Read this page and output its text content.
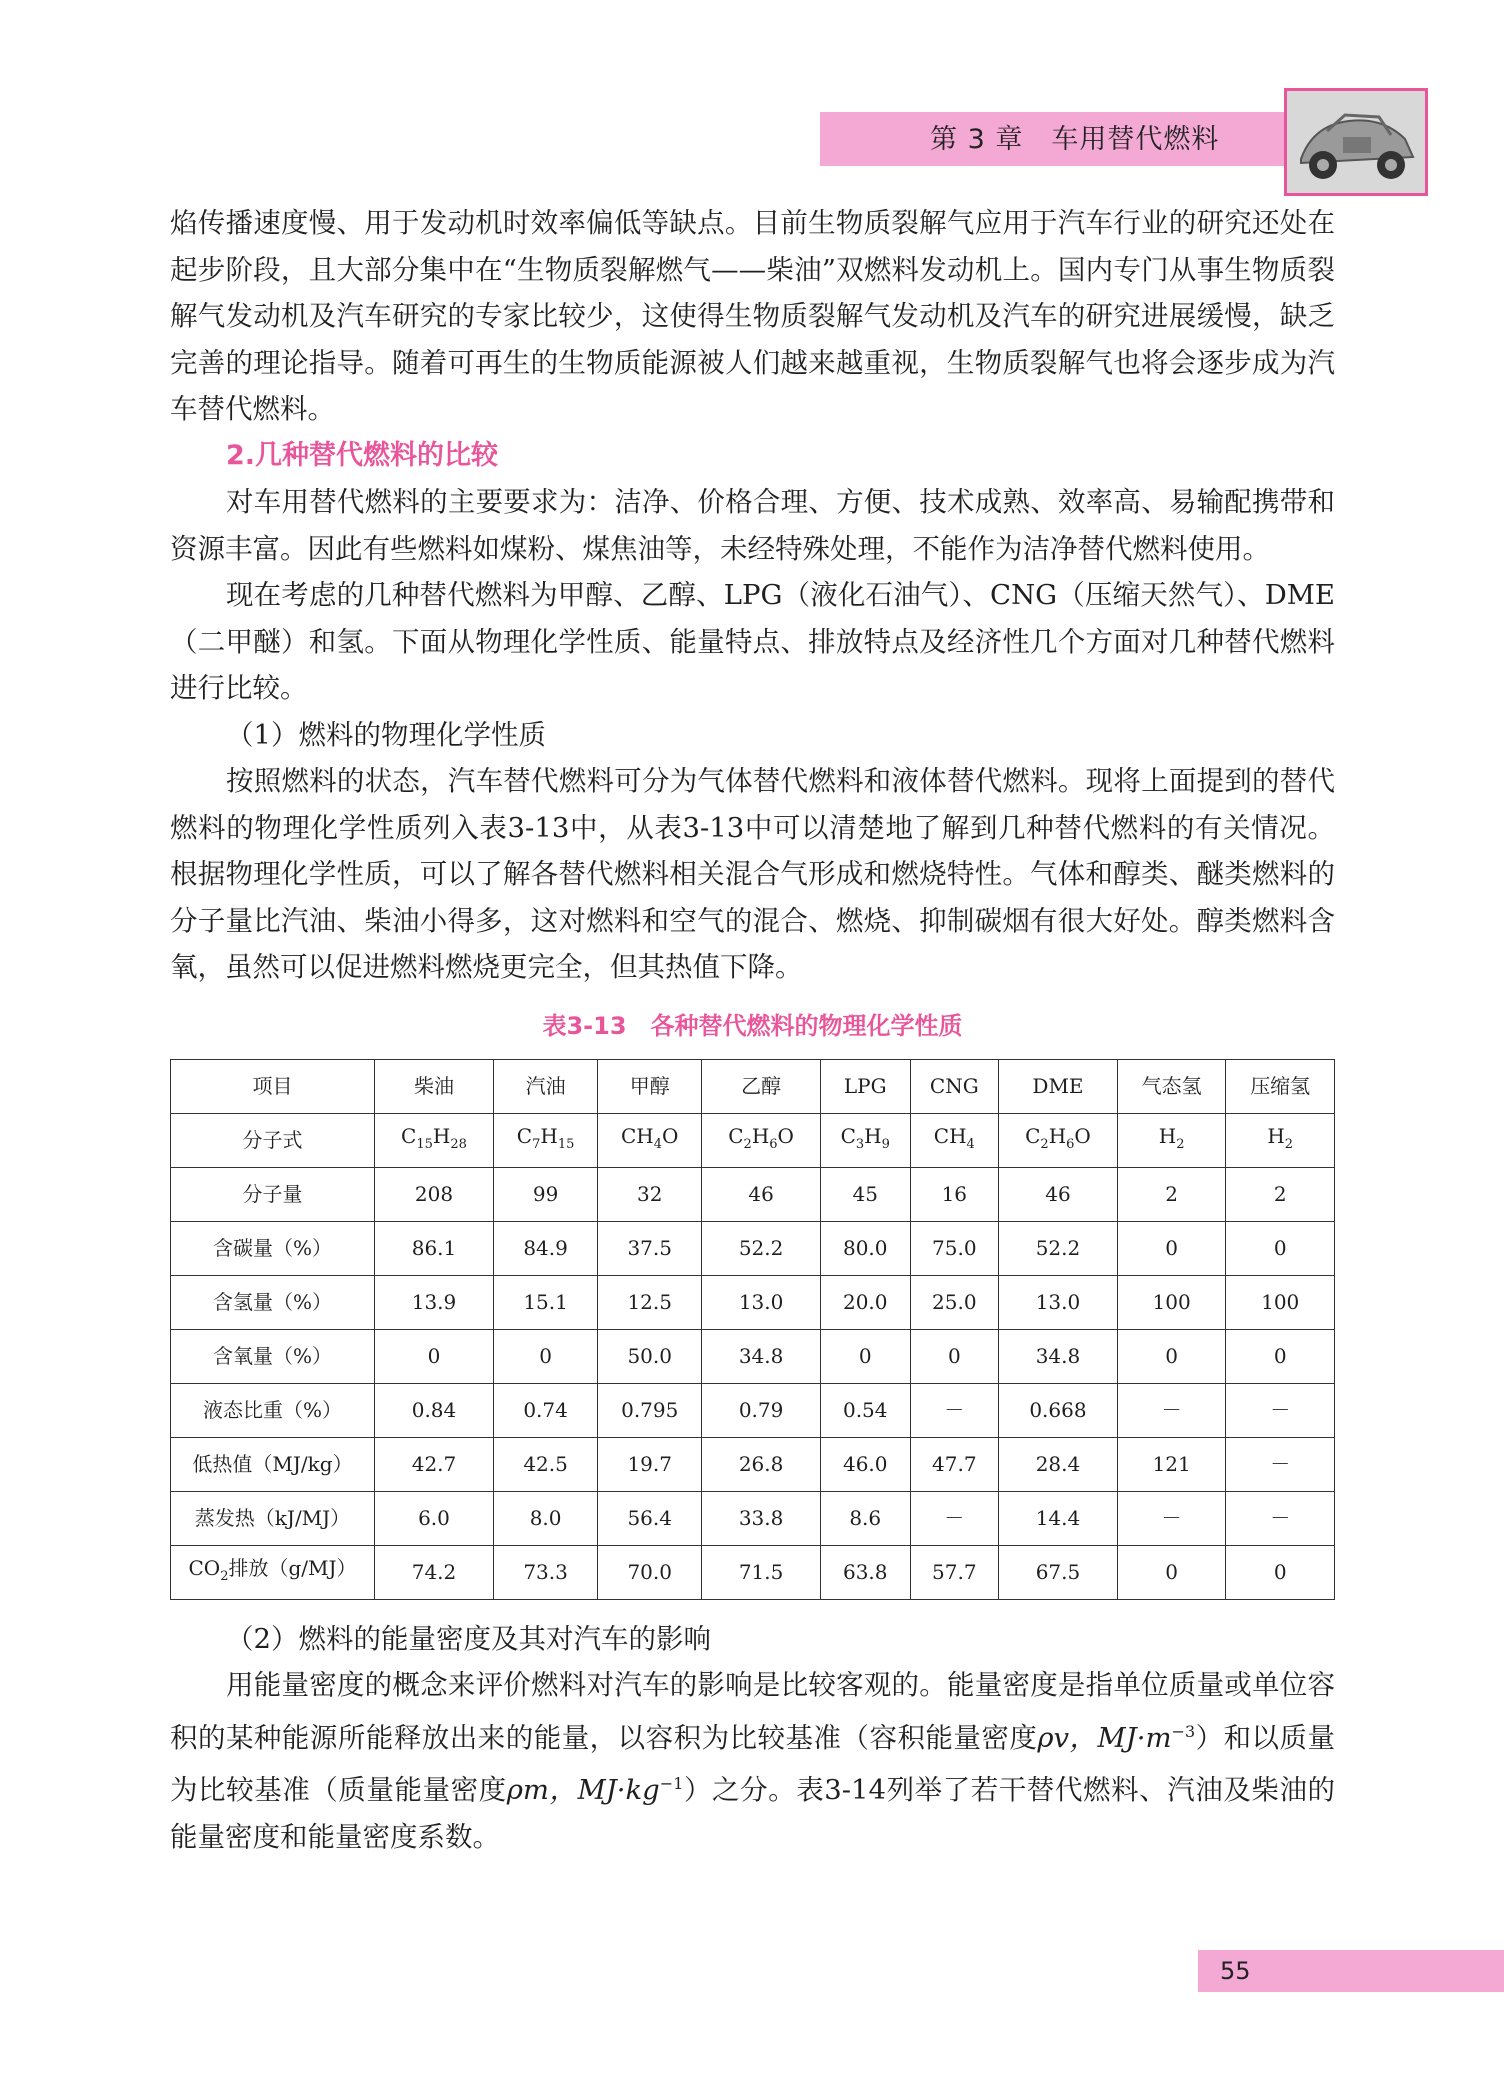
第 3 章 车用替代燃料

焰传播速度慢、用于发动机时效率偏低等缺点。目前生物质裂解气应用于汽车行业的研究还处在起步阶段，且大部分集中在“生物质裂解燃气——柴油”双燃料发动机上。国内专门从事生物质裂解气发动机及汽车研究的专家比较少，这使得生物质裂解气发动机及汽车的研究进展缓慢，缺乏完善的理论指导。随着可再生的生物质能源被人们越来越重视，生物质裂解气也将会逐步成为汽车替代燃料。

2.几种替代燃料的比较

对车用替代燃料的主要要求为：洁净、价格合理、方便、技术成熟、效率高、易输配携带和资源丰富。因此有些燃料如煤粉、煤焦油等，未经特殊处理，不能作为洁净替代燃料使用。

现在考虑的几种替代燃料为甲醇、乙醇、LPG（液化石油气）、CNG（压缩天然气）、DME（二甲醚）和氢。下面从物理化学性质、能量特点、排放特点及经济性几个方面对几种替代燃料进行比较。

（1）燃料的物理化学性质

按照燃料的状态，汽车替代燃料可分为气体替代燃料和液体替代燃料。现将上面提到的替代燃料的物理化学性质列入表3-13中，从表3-13中可以清楚地了解到几种替代燃料的有关情况。根据物理化学性质，可以了解各替代燃料相关混合气形成和燃烧特性。气体和醇类、醚类燃料的分子量比汽油、柴油小得多，这对燃料和空气的混合、燃烧、抑制碳烟有很大好处。醇类燃料含氧，虽然可以促进燃料燃烧更完全，但其热值下降。

表3-13　各种替代燃料的物理化学性质
项目	柴油	汽油	甲醇	乙醇	LPG	CNG	DME	气态氢	压缩氢
分子式	$C_{15}H_{28}$	$C_7H_{15}$	$CH_4O$	$C_2H_6O$	$C_3H_9$	$CH_4$	$C_2H_6O$	$H_2$	$H_2$
分子量	208	99	32	46	45	16	46	2	2
含碳量（%）	86.1	84.9	37.5	52.2	80.0	75.0	52.2	0	0
含氢量（%）	13.9	15.1	12.5	13.0	20.0	25.0	13.0	100	100
含氧量（%）	0	0	50.0	34.8	0	0	34.8	0	0
液态比重（%）	0.84	0.74	0.795	0.79	0.54	－	0.668	－	－
低热值（MJ/kg）	42.7	42.5	19.7	26.8	46.0	47.7	28.4	121	－
蒸发热（kJ/MJ）	6.0	8.0	56.4	33.8	8.6	－	14.4	－	－
$CO_2$排放（g/MJ）	74.2	73.3	70.0	71.5	63.8	57.7	67.5	0	0

（2）燃料的能量密度及其对汽车的影响

用能量密度的概念来评价燃料对汽车的影响是比较客观的。能量密度是指单位质量或单位容积的某种能源所能释放出来的能量，以容积为比较基准（容积能量密度ρv，$MJ\cdot m^{-3}$）和以质量为比较基准（质量能量密度ρm，$MJ\cdot kg^{-1}$）之分。表3-14列举了若干替代燃料、汽油及柴油的能量密度和能量密度系数。

55
